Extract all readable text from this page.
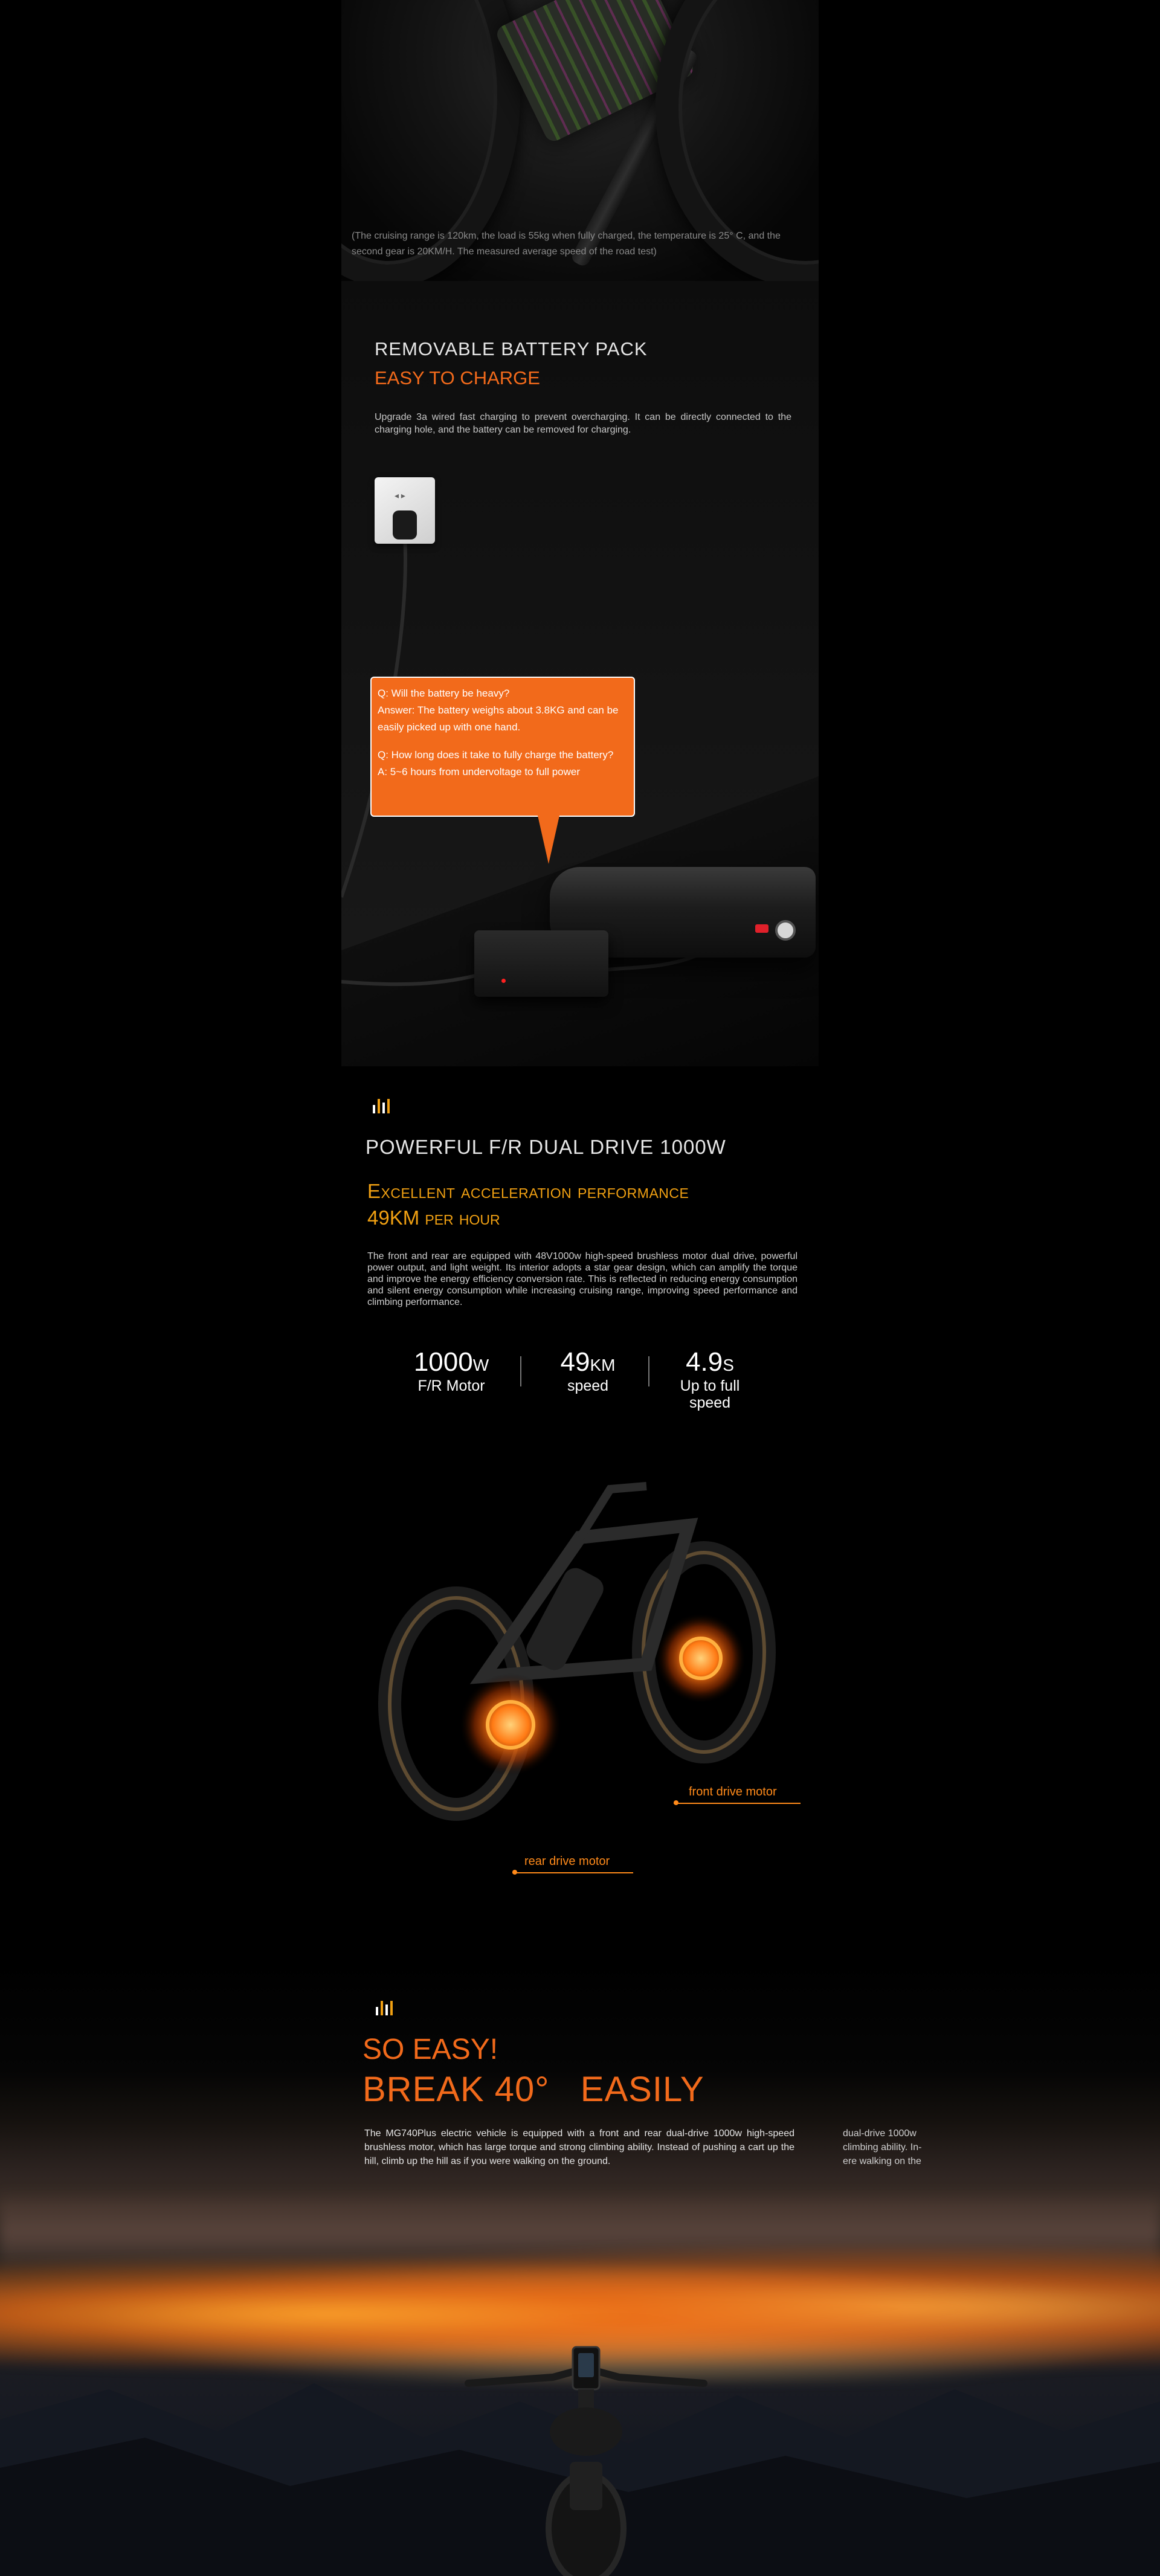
(The cruising range is 120km, the load is 55kg when fully charged, the temperature is 25° C, and the second gear is 20KM/H. The measured average speed of the road test)
REMOVABLE BATTERY PACK
EASY TO CHARGE
Upgrade 3a wired fast charging to prevent overcharging. It can be directly connected to the charging hole, and the battery can be removed for charging.
◂ ▸
Q: Will the battery be heavy?
Answer: The battery weighs about 3.8KG and can be easily picked up with one hand.
Q: How long does it take to fully charge the battery?
A: 5~6 hours from undervoltage to full power
POWERFUL F/R DUAL DRIVE 1000W
Excellent acceleration performance
49KM per hour
The front and rear are equipped with 48V1000w high-speed brushless motor dual drive, powerful power output, and light weight. Its interior adopts a star gear design, which can amplify the torque and improve the energy efficiency conversion rate. This is reflected in reducing energy consumption and silent energy consumption while increasing cruising range, improving speed performance and climbing performance.
1000W
F/R Motor
49KM
speed
4.9S
Up to full speed
front drive motor
rear drive motor
SO EASY!
BREAK 40°   EASILY
The MG740Plus electric vehicle is equipped with a front and rear dual-drive 1000w high-speed brushless motor, which has large torque and strong climbing ability. Instead of pushing a cart up the hill, climb up the hill as if you were walking on the ground.
dual-drive 1000w
climbing ability. In-
ere walking on the
